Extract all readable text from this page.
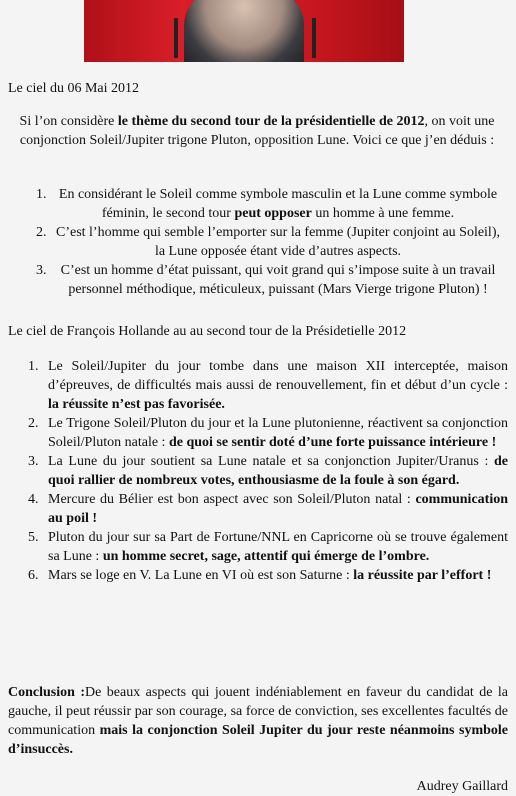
Le ciel du 06 Mai 2012

Si l’on considère le thème du second tour de la présidentielle de 2012, on voit une conjonction Soleil/Jupiter trigone Pluton, opposition Lune. Voici ce que j’en déduis :

1. En considérant le Soleil comme symbole masculin et la Lune comme symbole féminin, le second tour peut opposer un homme à une femme.
2. C’est l’homme qui semble l’emporter sur la femme (Jupiter conjoint au Soleil), la Lune opposée étant vide d’autres aspects.
3. C’est un homme d’état puissant, qui voit grand qui s’impose suite à un travail personnel méthodique, méticuleux, puissant (Mars Vierge trigone Pluton) !

Le ciel de François Hollande au au second tour de la Présidetielle 2012

1. Le Soleil/Jupiter du jour tombe dans une maison XII interceptée, maison d’épreuves, de difficultés mais aussi de renouvellement, fin et début d’un cycle : la réussite n’est pas favorisée.
2. Le Trigone Soleil/Pluton du jour et la Lune plutonienne, réactivent sa conjonction Soleil/Pluton natale : de quoi se sentir doté d’une forte puissance intérieure !
3. La Lune du jour soutient sa Lune natale et sa conjonction Jupiter/Uranus : de quoi rallier de nombreux votes, enthousiasme de la foule à son égard.
4. Mercure du Bélier est bon aspect avec son Soleil/Pluton natal : communication au poil !
5. Pluton du jour sur sa Part de Fortune/NNL en Capricorne où se trouve également sa Lune : un homme secret, sage, attentif qui émerge de l’ombre.
6. Mars se loge en V. La Lune en VI où est son Saturne : la réussite par l’effort !

Conclusion :De beaux aspects qui jouent indéniablement en faveur du candidat de la gauche, il peut réussir par son courage, sa force de conviction, ses excellentes facultés de communication mais la conjonction Soleil Jupiter du jour reste néanmoins symbole d’insuccès.

Audrey Gaillard
